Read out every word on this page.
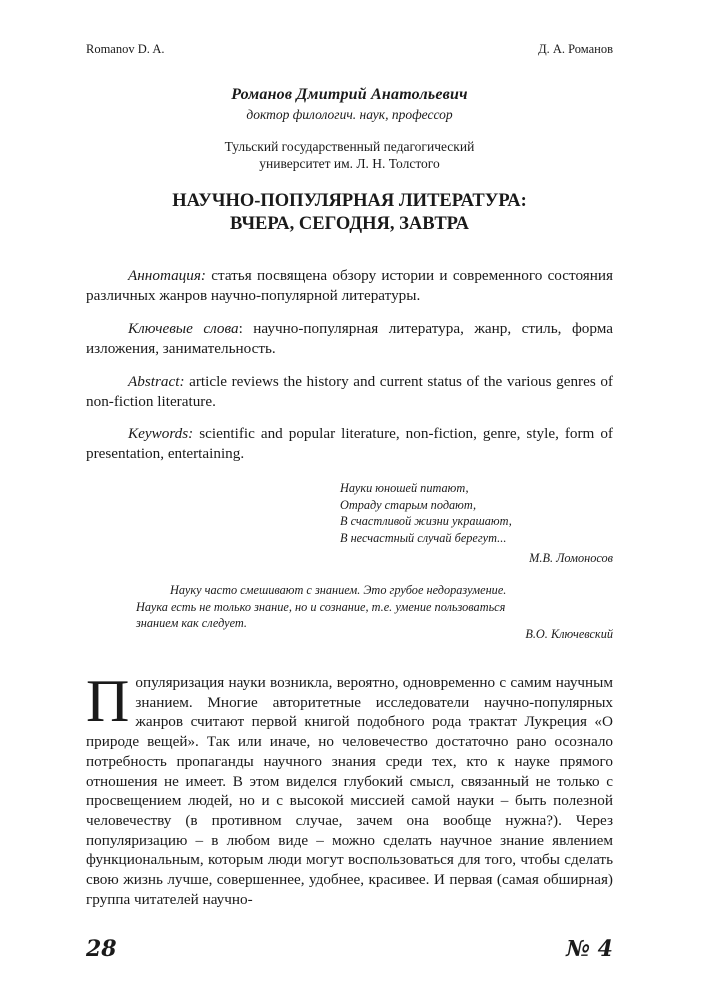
Romanov D. A.	Д. А. Романов
Романов Дмитрий Анатольевич
доктор филологич. наук, профессор
Тульский государственный педагогический
университет им. Л. Н. Толстого
НАУЧНО-ПОПУЛЯРНАЯ ЛИТЕРАТУРА:
ВЧЕРА, СЕГОДНЯ, ЗАВТРА
Аннотация: статья посвящена обзору истории и современного состояния различных жанров научно-популярной литературы.
Ключевые слова: научно-популярная литература, жанр, стиль, форма изложения, занимательность.
Abstract: article reviews the history and current status of the various genres of non-fiction literature.
Keywords: scientific and popular literature, non-fiction, genre, style, form of presentation, entertaining.
Науки юношей питают,
Отраду старым подают,
В счастливой жизни украшают,
В несчастный случай берегут...
М.В. Ломоносов
Науку часто смешивают с знанием. Это грубое недоразумение.
Наука есть не только знание, но и сознание, т.е. умение пользоваться
знанием как следует.
В.О. Ключевский
Популяризация науки возникла, вероятно, одновременно с самим научным знанием. Многие авторитетные исследователи научно-популярных жанров считают первой книгой подобного рода трактат Лукреция «О природе вещей». Так или иначе, но человечество достаточно рано осознало потребность пропаганды научного знания среди тех, кто к науке прямого отношения не имеет. В этом виделся глубокий смысл, связанный не только с просвещением людей, но и с высокой миссией самой науки – быть полезной человечеству (в противном случае, зачем она вообще нужна?). Через популяризацию – в любом виде – можно сделать научное знание явлением функциональным, которым люди могут воспользоваться для того, чтобы сделать свою жизнь лучше, совершеннее, удобнее, красивее. И первая (самая обширная) группа читателей научно-
28	№ 4
